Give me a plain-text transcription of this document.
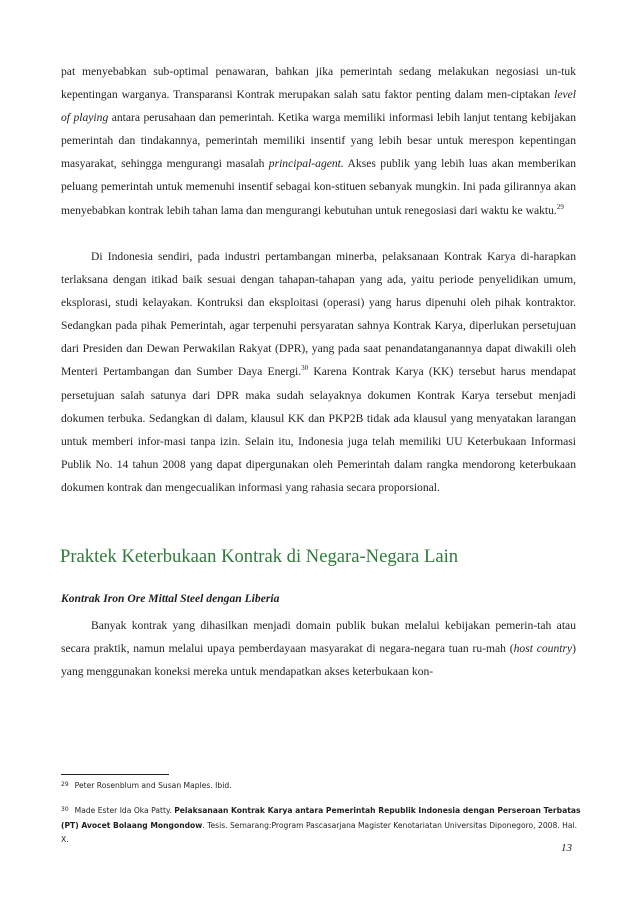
pat menyebabkan sub-optimal penawaran, bahkan jika pemerintah sedang melakukan negosiasi un-tuk kepentingan warganya. Transparansi Kontrak merupakan salah satu faktor penting dalam men-ciptakan level of playing antara perusahaan dan pemerintah. Ketika warga memiliki informasi lebih lanjut tentang kebijakan pemerintah dan tindakannya, pemerintah memiliki insentif yang lebih besar untuk merespon kepentingan masyarakat, sehingga mengurangi masalah principal-agent. Akses publik yang lebih luas akan memberikan peluang pemerintah untuk memenuhi insentif sebagai kon-stituen sebanyak mungkin. Ini pada gilirannya akan menyebabkan kontrak lebih tahan lama dan mengurangi kebutuhan untuk renegosiasi dari waktu ke waktu.$^{29}$

Di Indonesia sendiri, pada industri pertambangan minerba, pelaksanaan Kontrak Karya di-harapkan terlaksana dengan itikad baik sesuai dengan tahapan-tahapan yang ada, yaitu periode penyelidikan umum, eksplorasi, studi kelayakan. Kontruksi dan eksploitasi (operasi) yang harus dipenuhi oleh pihak kontraktor. Sedangkan pada pihak Pemerintah, agar terpenuhi persyaratan sahnya Kontrak Karya, diperlukan persetujuan dari Presiden dan Dewan Perwakilan Rakyat (DPR), yang pada saat penandatanganannya dapat diwakili oleh Menteri Pertambangan dan Sumber Daya Energi.$^{30}$ Karena Kontrak Karya (KK) tersebut harus mendapat persetujuan salah satunya dari DPR maka sudah selayaknya dokumen Kontrak Karya tersebut menjadi dokumen terbuka. Sedangkan di dalam, klausul KK dan PKP2B tidak ada klausul yang menyatakan larangan untuk memberi infor-masi tanpa izin. Selain itu, Indonesia juga telah memiliki UU Keterbukaan Informasi Publik No. 14 tahun 2008 yang dapat dipergunakan oleh Pemerintah dalam rangka mendorong keterbukaan dokumen kontrak dan mengecualikan informasi yang rahasia secara proporsional.

Praktek Keterbukaan Kontrak di Negara-Negara Lain
Kontrak Iron Ore Mittal Steel dengan Liberia

Banyak kontrak yang dihasilkan menjadi domain publik bukan melalui kebijakan pemerin-tah atau secara praktik, namun melalui upaya pemberdayaan masyarakat di negara-negara tuan ru-mah (host country) yang menggunakan koneksi mereka untuk mendapatkan akses keterbukaan kon-

$^{29}$ Peter Rosenblum and Susan Maples. Ibid.

$^{30}$ Made Ester Ida Oka Patty. Pelaksanaan Kontrak Karya antara Pemerintah Republik Indonesia dengan Perseroan Terbatas (PT) Avocet Bolaang Mongondow. Tesis. Semarang:Program Pascasarjana Magister Kenotariatan Universitas Diponegoro, 2008. Hal. X.

13
